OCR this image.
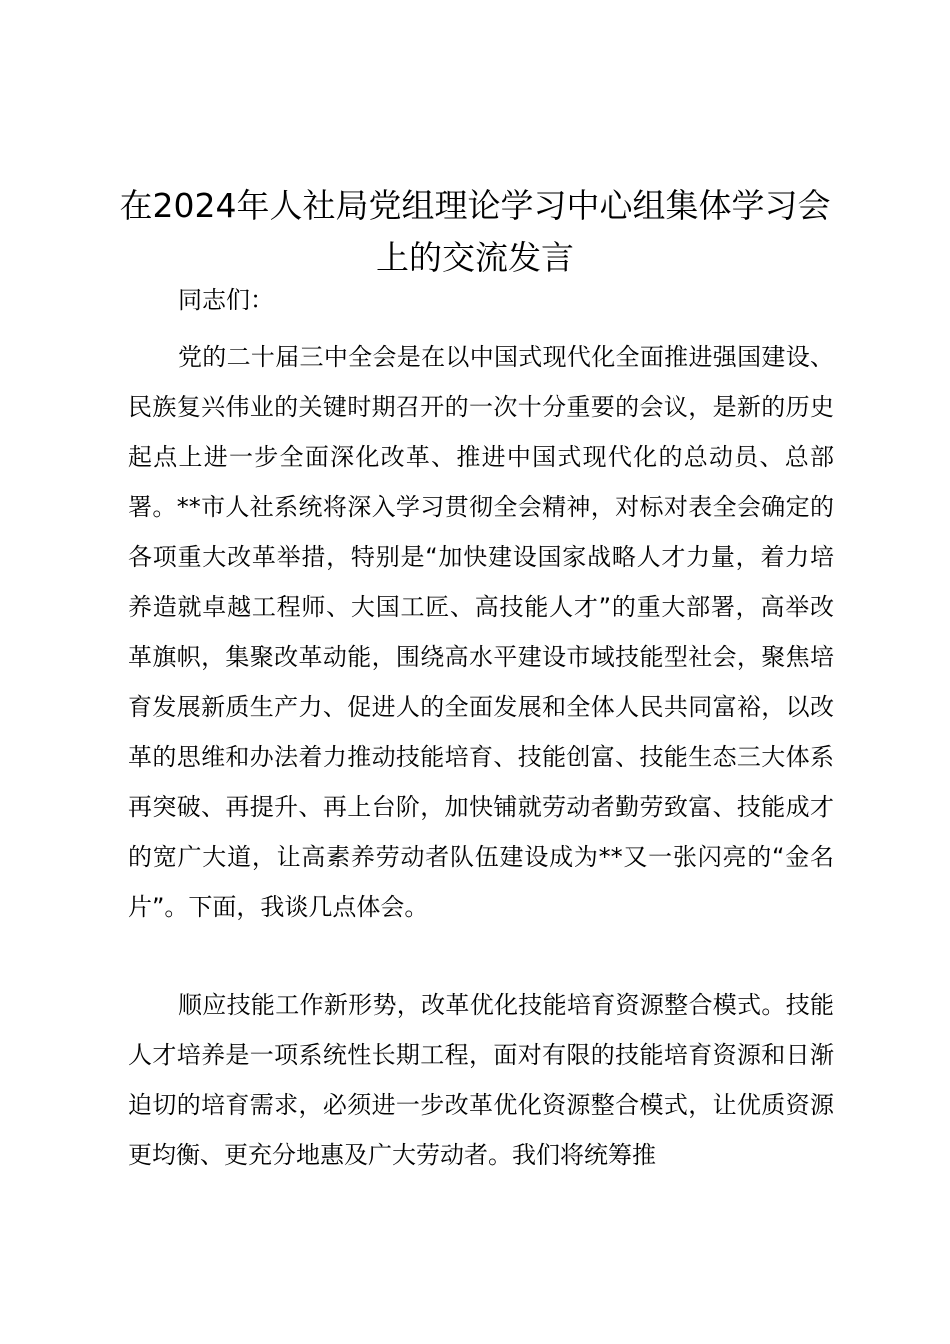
在2024年人社局党组理论学习中心组集体学习会上的交流发言

同志们：

党的二十届三中全会是在以中国式现代化全面推进强国建设、民族复兴伟业的关键时期召开的一次十分重要的会议，是新的历史起点上进一步全面深化改革、推进中国式现代化的总动员、总部署。**市人社系统将深入学习贯彻全会精神，对标对表全会确定的各项重大改革举措，特别是“加快建设国家战略人才力量，着力培养造就卓越工程师、大国工匠、高技能人才”的重大部署，高举改革旗帜，集聚改革动能，围绕高水平建设市域技能型社会，聚焦培育发展新质生产力、促进人的全面发展和全体人民共同富裕，以改革的思维和办法着力推动技能培育、技能创富、技能生态三大体系再突破、再提升、再上台阶，加快铺就劳动者勤劳致富、技能成才的宽广大道，让高素养劳动者队伍建设成为**又一张闪亮的“金名片”。下面，我谈几点体会。

顺应技能工作新形势，改革优化技能培育资源整合模式。技能人才培养是一项系统性长期工程，面对有限的技能培育资源和日渐迫切的培育需求，必须进一步改革优化资源整合模式，让优质资源更均衡、更充分地惠及广大劳动者。我们将统筹推
